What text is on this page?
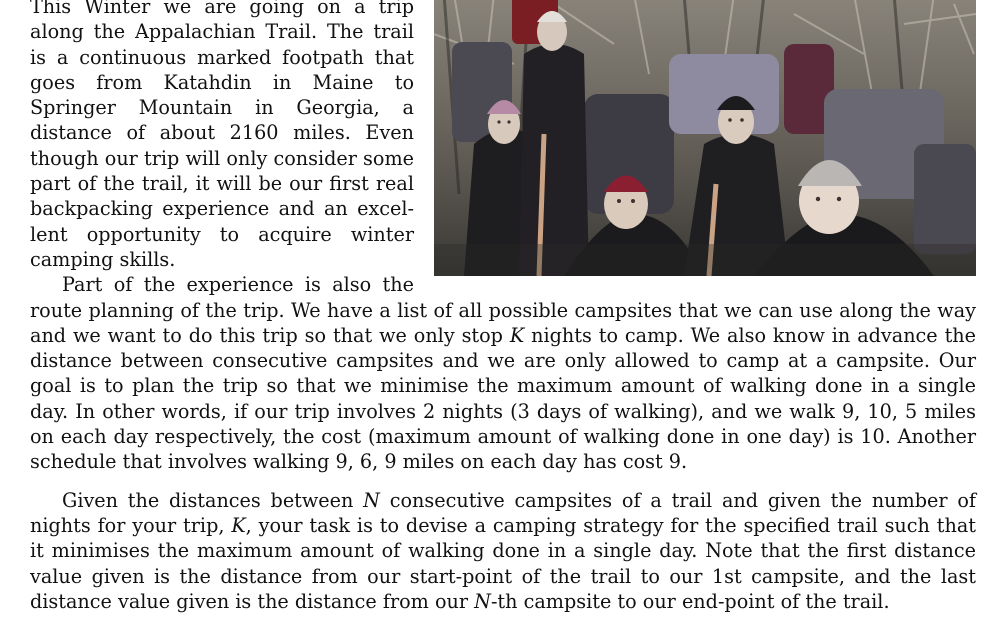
This Winter we are going on a trip along the Appalachian Trail. The trail is a continuous marked footpath that goes from Katahdin in Maine to Springer Mountain in Georgia, a distance of about 2160 miles. Even though our trip will only consider some part of the trail, it will be our first real backpacking experience and an excellent opportunity to acquire winter camping skills.

Part of the experience is also the route planning of the trip. We have a list of all possible campsites that we can use along the way and we want to do this trip so that we only stop K nights to camp. We also know in advance the distance between consecutive campsites and we are only allowed to camp at a campsite. Our goal is to plan the trip so that we minimise the maximum amount of walking done in a single day. In other words, if our trip involves 2 nights (3 days of walking), and we walk 9, 10, 5 miles on each day respectively, the cost (maximum amount of walking done in one day) is 10. Another schedule that involves walking 9, 6, 9 miles on each day has cost 9.

Given the distances between N consecutive campsites of a trail and given the number of nights for your trip, K, your task is to devise a camping strategy for the specified trail such that it minimises the maximum amount of walking done in a single day. Note that the first distance value given is the distance from our start-point of the trail to our 1st campsite, and the last distance value given is the distance from our N-th campsite to our end-point of the trail.
